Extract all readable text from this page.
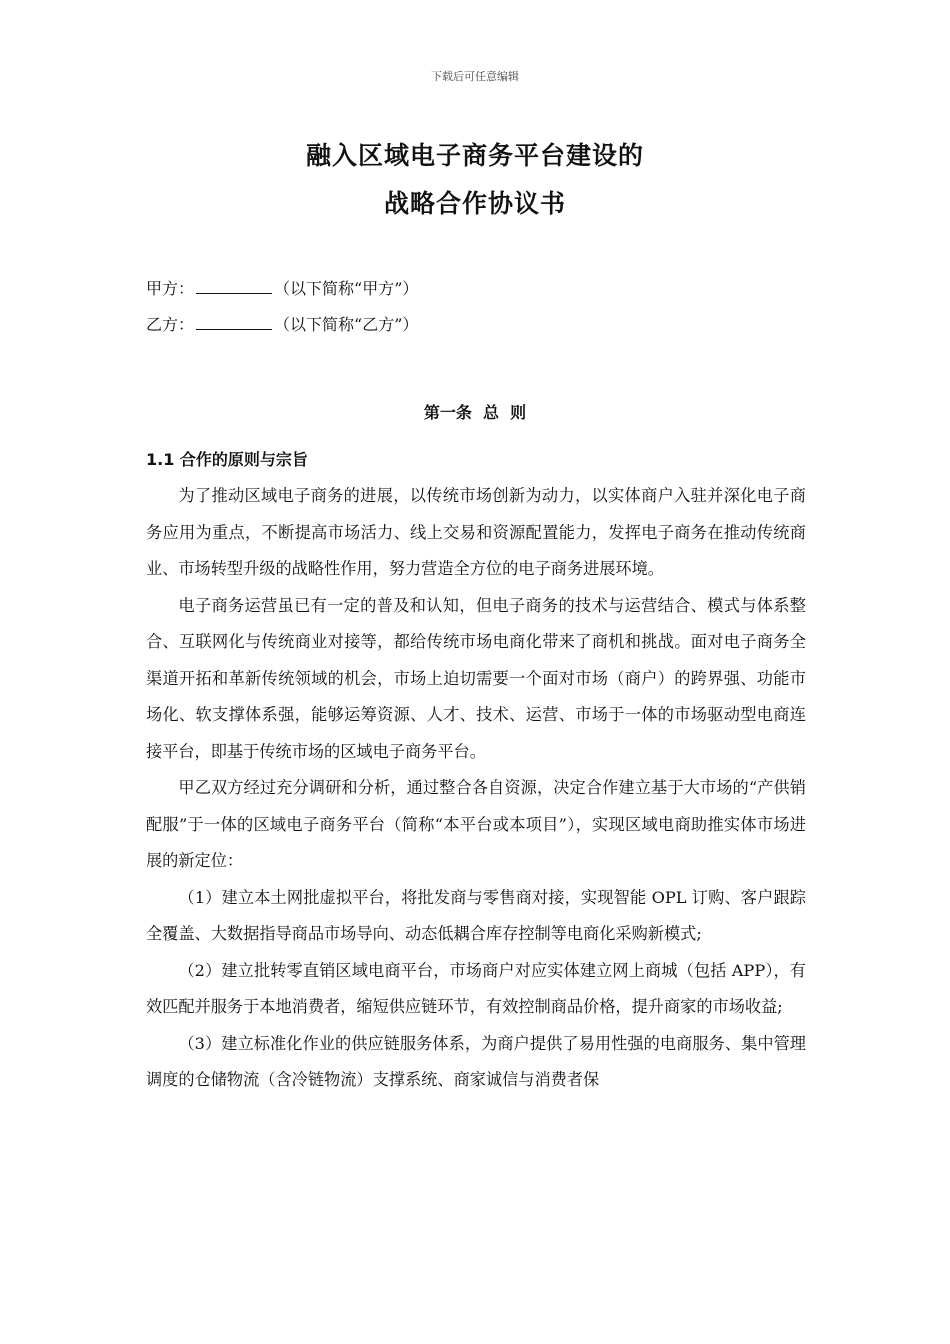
下载后可任意编辑
融入区域电子商务平台建设的
战略合作协议书
甲方：	（以下简称“甲方”）
乙方：	（以下简称“乙方”）
第一条  总  则
1.1 合作的原则与宗旨

为了推动区域电子商务的进展，以传统市场创新为动力，以实体商户入驻并深化电子商务应用为重点，不断提高市场活力、线上交易和资源配置能力，发挥电子商务在推动传统商业、市场转型升级的战略性作用，努力营造全方位的电子商务进展环境。

电子商务运营虽已有一定的普及和认知，但电子商务的技术与运营结合、模式与体系整合、互联网化与传统商业对接等，都给传统市场电商化带来了商机和挑战。面对电子商务全渠道开拓和革新传统领域的机会，市场上迫切需要一个面对市场（商户）的跨界强、功能市场化、软支撑体系强，能够运筹资源、人才、技术、运营、市场于一体的市场驱动型电商连接平台，即基于传统市场的区域电子商务平台。

甲乙双方经过充分调研和分析，通过整合各自资源，决定合作建立基于大市场的“产供销配服”于一体的区域电子商务平台（简称“本平台或本项目”），实现区域电商助推实体市场进展的新定位：

（1）建立本土网批虚拟平台，将批发商与零售商对接，实现智能 OPL 订购、客户跟踪全覆盖、大数据指导商品市场导向、动态低耦合库存控制等电商化采购新模式;

（2）建立批转零直销区域电商平台，市场商户对应实体建立网上商城（包括 APP），有效匹配并服务于本地消费者，缩短供应链环节，有效控制商品价格，提升商家的市场收益;

（3）建立标准化作业的供应链服务体系，为商户提供了易用性强的电商服务、集中管理调度的仓储物流（含冷链物流）支撑系统、商家诚信与消费者保
